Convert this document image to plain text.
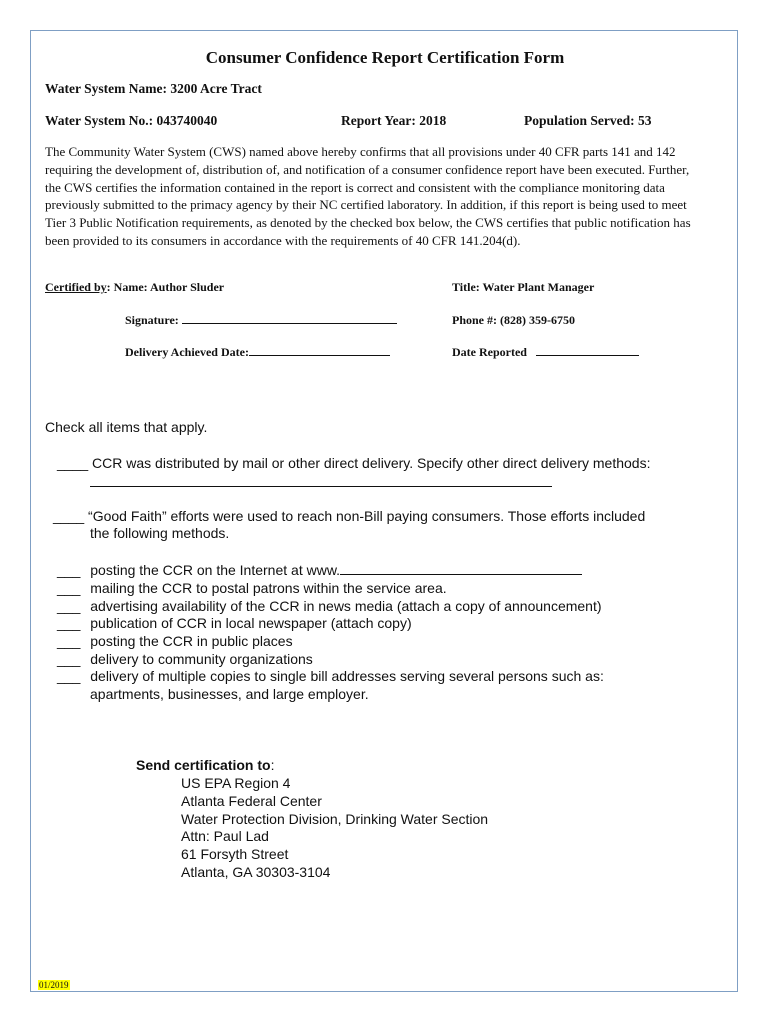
Consumer Confidence Report Certification Form
Water System Name: 3200 Acre Tract
Water System No.: 043740040	Report Year: 2018	Population Served: 53
The Community Water System (CWS) named above hereby confirms that all provisions under 40 CFR parts 141 and 142 requiring the development of, distribution of, and notification of a consumer confidence report have been executed. Further, the CWS certifies the information contained in the report is correct and consistent with the compliance monitoring data previously submitted to the primacy agency by their NC certified laboratory. In addition, if this report is being used to meet Tier 3 Public Notification requirements, as denoted by the checked box below, the CWS certifies that public notification has been provided to its consumers in accordance with the requirements of 40 CFR 141.204(d).
Certified by: Name: Author Sluder	Title: Water Plant Manager
Signature:	Phone #: (828) 359-6750
Delivery Achieved Date:	Date Reported
Check all items that apply.
____ CCR was distributed by mail or other direct delivery. Specify other direct delivery methods:
____ “Good Faith” efforts were used to reach non-Bill paying consumers. Those efforts included
the following methods.
___ posting the CCR on the Internet at www.
___ mailing the CCR to postal patrons within the service area.
___ advertising availability of the CCR in news media (attach a copy of announcement)
___ publication of CCR in local newspaper (attach copy)
___ posting the CCR in public places
___ delivery to community organizations
___ delivery of multiple copies to single bill addresses serving several persons such as:
apartments, businesses, and large employer.
Send certification to:
US EPA Region 4
Atlanta Federal Center
Water Protection Division, Drinking Water Section
Attn: Paul Lad
61 Forsyth Street
Atlanta, GA 30303-3104
01/2019
